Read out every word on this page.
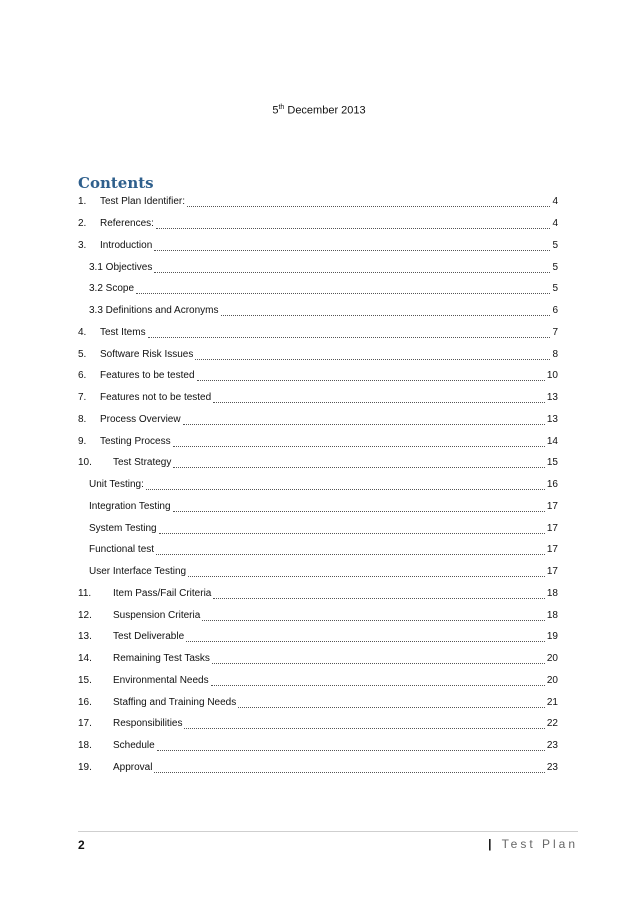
5th December 2013
Contents
1.	Test Plan Identifier:	4
2.	References:	4
3.	Introduction	5
3.1 Objectives	5
3.2 Scope	5
3.3 Definitions and Acronyms	6
4.	Test Items	7
5.	Software Risk Issues	8
6.	Features to be tested	10
7.	Features not to be tested	13
8.	Process Overview	13
9.	Testing Process	14
10.	Test Strategy	15
Unit Testing:	16
Integration Testing	17
System Testing	17
Functional test	17
User Interface Testing	17
11.	Item Pass/Fail Criteria	18
12.	Suspension Criteria	18
13.	Test Deliverable	19
14.	Remaining Test Tasks	20
15.	Environmental Needs	20
16.	Staffing and Training Needs	21
17.	Responsibilities	22
18.	Schedule	23
19.	Approval	23
2	| Test Plan
